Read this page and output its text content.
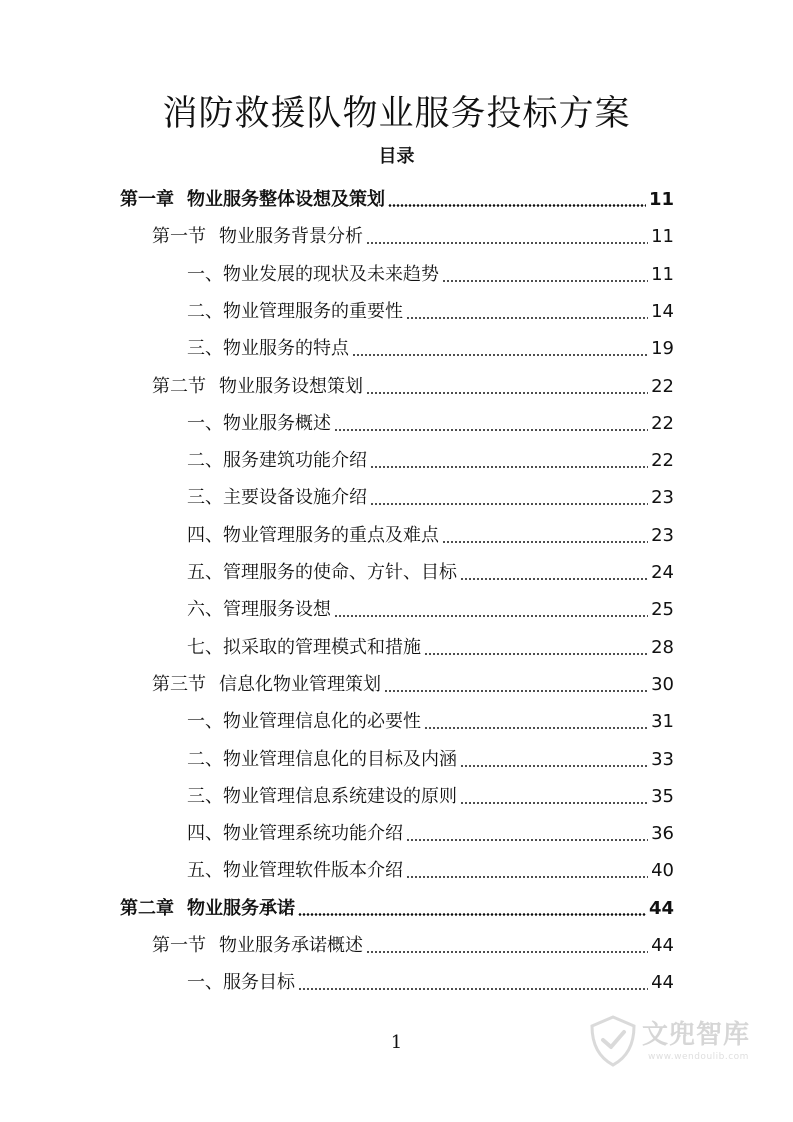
消防救援队物业服务投标方案
目录
第一章 物业服务整体设想及策划	11
第一节 物业服务背景分析	11
一、物业发展的现状及未来趋势	11
二、物业管理服务的重要性	14
三、物业服务的特点	19
第二节 物业服务设想策划	22
一、物业服务概述	22
二、服务建筑功能介绍	22
三、主要设备设施介绍	23
四、物业管理服务的重点及难点	23
五、管理服务的使命、方针、目标	24
六、管理服务设想	25
七、拟采取的管理模式和措施	28
第三节 信息化物业管理策划	30
一、物业管理信息化的必要性	31
二、物业管理信息化的目标及内涵	33
三、物业管理信息系统建设的原则	35
四、物业管理系统功能介绍	36
五、物业管理软件版本介绍	40
第二章 物业服务承诺	44
第一节 物业服务承诺概述	44
一、服务目标	44
1	文兜智库
www.wendoulib.com
